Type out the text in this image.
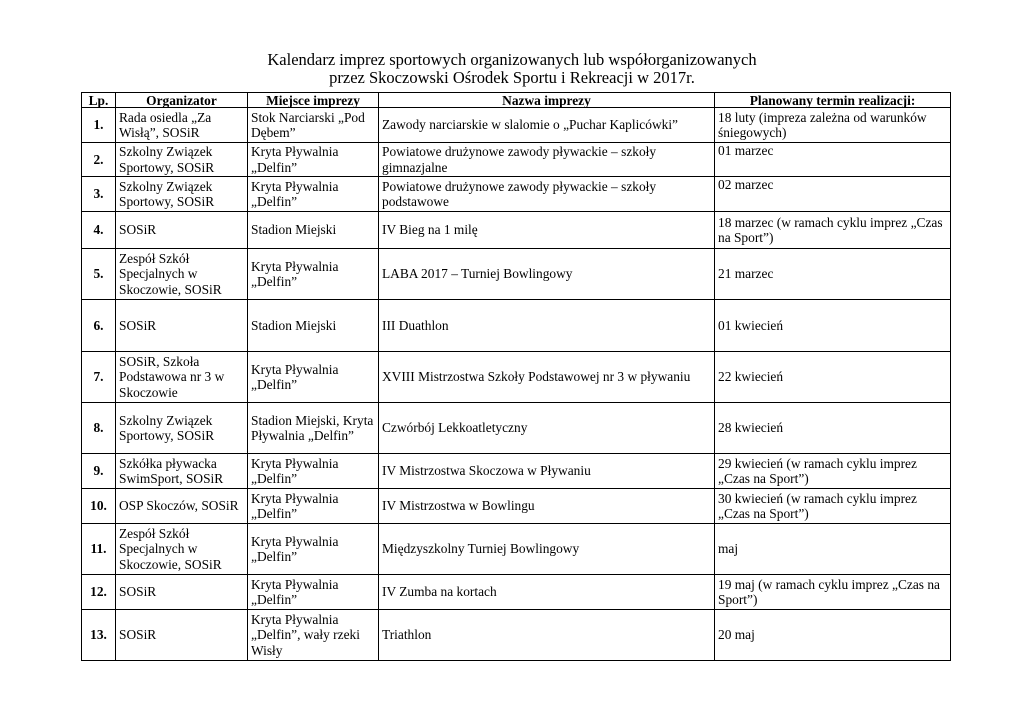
Kalendarz imprez sportowych organizowanych lub współorganizowanych
przez Skoczowski Ośrodek Sportu i Rekreacji w 2017r.
Lp.	Organizator	Miejsce imprezy	Nazwa imprezy	Planowany termin realizacji:
1.	Rada osiedla „Za Wisłą”, SOSiR	Stok Narciarski „Pod Dębem”	Zawody narciarskie w slalomie o „Puchar Kaplicówki”	18 luty (impreza zależna od warunków śniegowych)
2.	Szkolny Związek Sportowy, SOSiR	Kryta Pływalnia „Delfin”	Powiatowe drużynowe zawody pływackie – szkoły gimnazjalne	01 marzec
3.	Szkolny Związek Sportowy, SOSiR	Kryta Pływalnia „Delfin”	Powiatowe drużynowe zawody pływackie – szkoły podstawowe	02 marzec
4.	SOSiR	Stadion Miejski	IV Bieg na 1 milę	18 marzec (w ramach cyklu imprez „Czas na Sport”)
5.	Zespół Szkół Specjalnych w Skoczowie, SOSiR	Kryta Pływalnia „Delfin”	LABA 2017 – Turniej Bowlingowy	21 marzec
6.	SOSiR	Stadion Miejski	III Duathlon	01 kwiecień
7.	SOSiR, Szkoła Podstawowa nr 3 w Skoczowie	Kryta Pływalnia „Delfin”	XVIII Mistrzostwa Szkoły Podstawowej nr 3 w pływaniu	22 kwiecień
8.	Szkolny Związek Sportowy, SOSiR	Stadion Miejski, Kryta Pływalnia „Delfin”	Czwórbój Lekkoatletyczny	28 kwiecień
9.	Szkółka pływacka SwimSport, SOSiR	Kryta Pływalnia „Delfin”	IV Mistrzostwa Skoczowa w Pływaniu	29 kwiecień (w ramach cyklu imprez „Czas na Sport”)
10.	OSP Skoczów, SOSiR	Kryta Pływalnia „Delfin”	IV Mistrzostwa w Bowlingu	30 kwiecień (w ramach cyklu imprez „Czas na Sport”)
11.	Zespół Szkół Specjalnych w Skoczowie, SOSiR	Kryta Pływalnia „Delfin”	Międzyszkolny Turniej Bowlingowy	maj
12.	SOSiR	Kryta Pływalnia „Delfin”	IV Zumba na kortach	19 maj (w ramach cyklu imprez „Czas na Sport”)
13.	SOSiR	Kryta Pływalnia „Delfin”, wały rzeki Wisły	Triathlon	20 maj
